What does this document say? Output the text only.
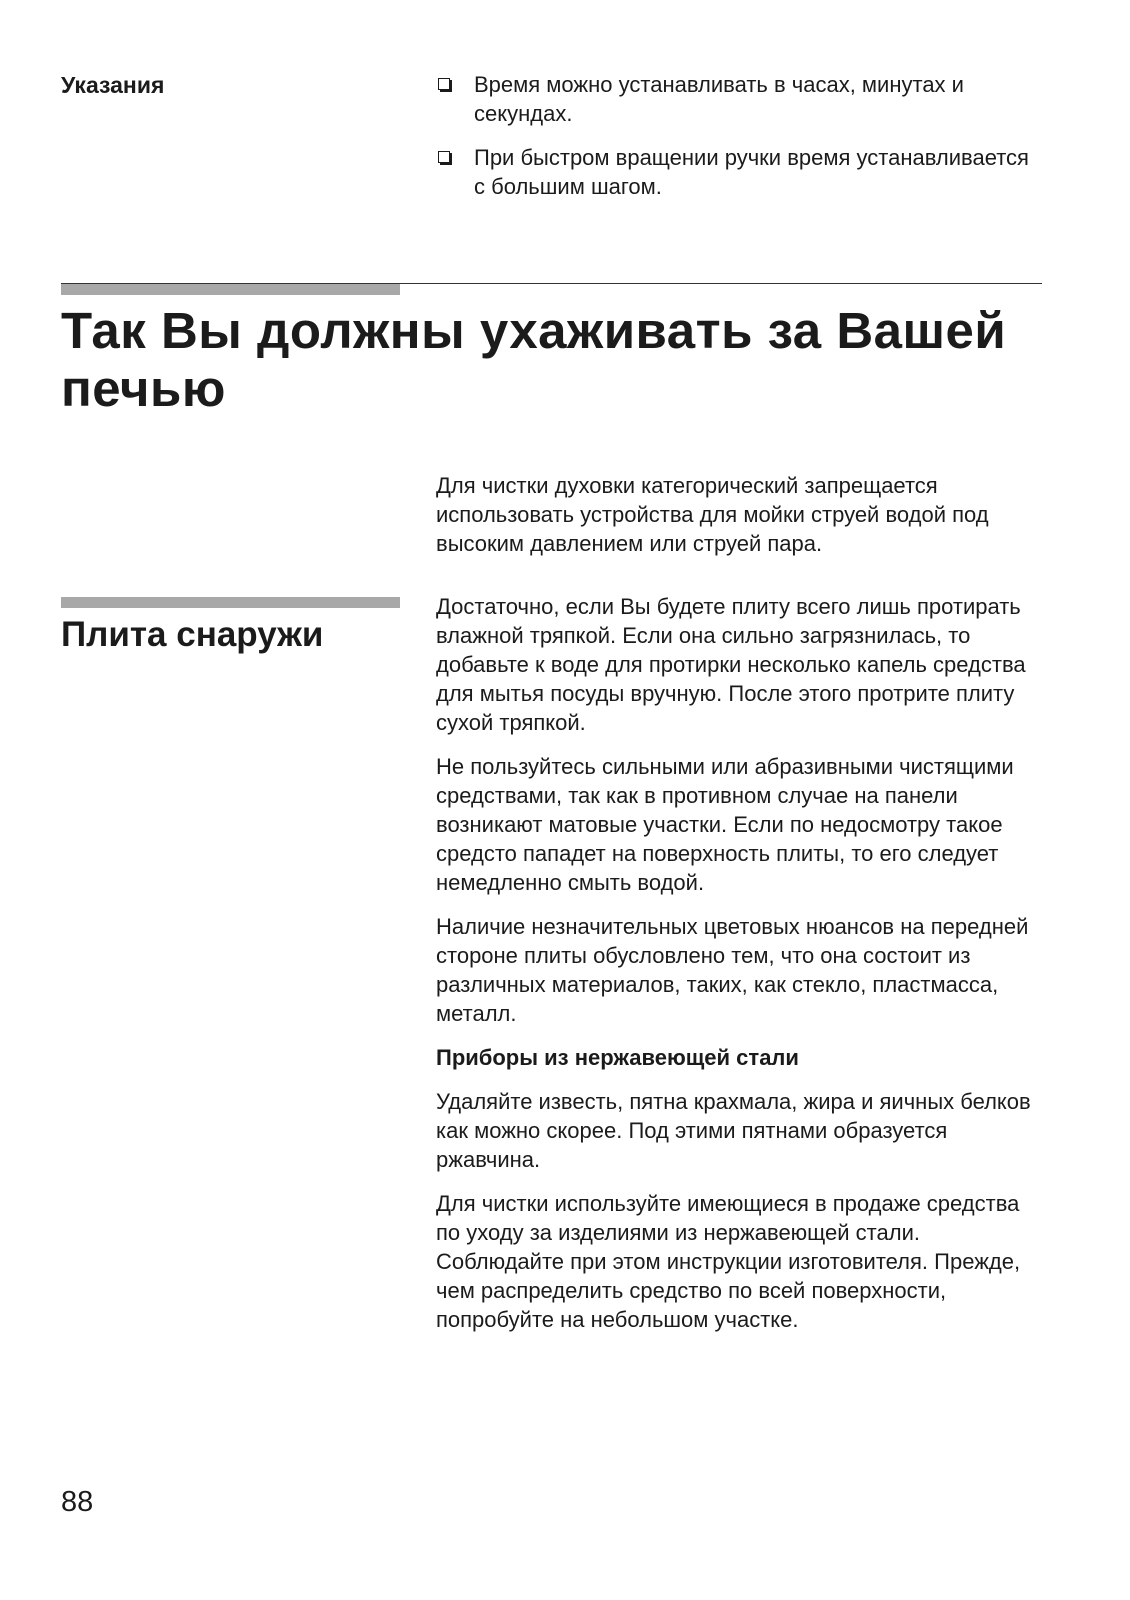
Указания	Время можно устанавливать в часах, минутах и секундах.
При быстром вращении ручки время устанавливается с большим шагом.
Так Вы должны ухаживать за Вашей печью

Для чистки духовки категорический запрещается использовать устройства для мойки струей водой под высоким давлением или струей пара.

Плита снаружи

Достаточно, если Вы будете плиту всего лишь протирать влажной тряпкой. Если она сильно загрязнилась, то добавьте к воде для протирки несколько капель средства для мытья посуды вручную. После этого протрите плиту сухой тряпкой.

Не пользуйтесь сильными или абразивными чистящими средствами, так как в противном случае на панели возникают матовые участки. Если по недосмотру такое средсто пападет на поверхность плиты, то его следует немедленно смыть водой.

Наличие незначительных цветовых нюансов на передней стороне плиты обусловлено тем, что она состоит из различных материалов, таких, как стекло, пластмасса, металл.

Приборы из нержавеющей стали

Удаляйте известь, пятна крахмала, жира и яичных белков как можно скорее. Под этими пятнами образуется ржавчина.

Для чистки используйте имеющиеся в продаже средства по уходу за изделиями из нержавеющей стали. Соблюдайте при этом инструкции изготовителя. Прежде, чем распределить средство по всей поверхности, попробуйте на небольшом участке.

88
